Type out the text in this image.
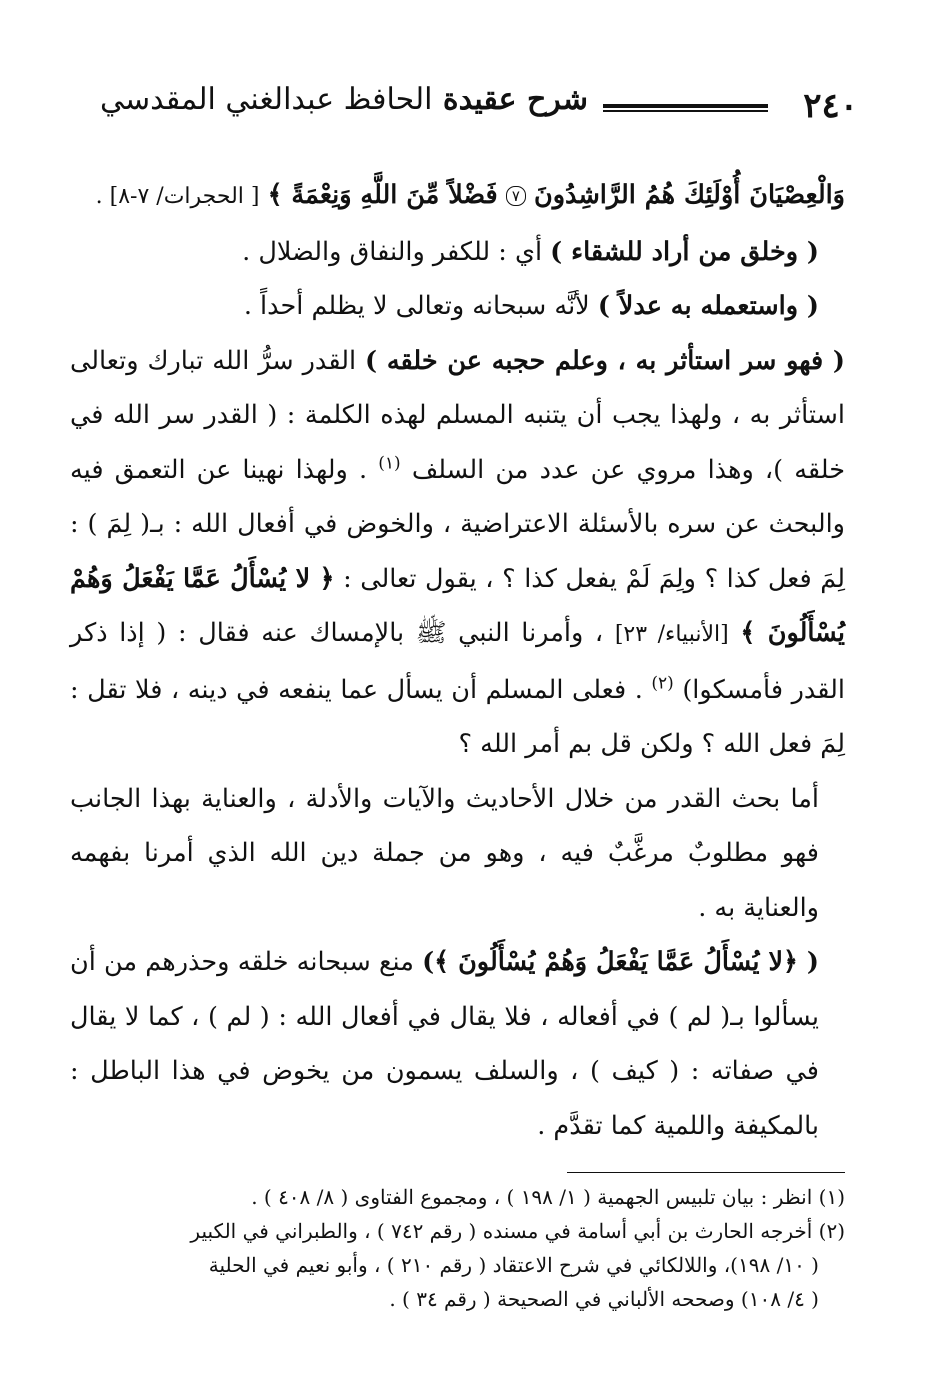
٢٤٠
شرح عقيدة الحافظ عبدالغني المقدسي

وَالْعِصْيَانَ أُوْلَئِكَ هُمُ الرَّاشِدُونَ ٧ فَضْلاً مِّنَ اللَّهِ وَنِعْمَةً ﴾ [ الحجرات/ ٧-٨] .

( وخلق من أراد للشقاء ) أي : للكفر والنفاق والضلال .

( واستعمله به عدلاً ) لأنَّه سبحانه وتعالى لا يظلم أحداً .

( فهو سر استأثر به ، وعلم حجبه عن خلقه ) القدر سرُّ الله تبارك وتعالى استأثر به ، ولهذا يجب أن يتنبه المسلم لهذه الكلمة : ( القدر سر الله في خلقه )، وهذا مروي عن عدد من السلف $^{(١)}$ . ولهذا نهينا عن التعمق فيه والبحث عن سره بالأسئلة الاعتراضية ، والخوض في أفعال الله : بـ( لِمَ ) : لِمَ فعل كذا ؟ ولِمَ لَمْ يفعل كذا ؟ ، يقول تعالى : ﴿ لا يُسْأَلُ عَمَّا يَفْعَلُ وَهُمْ يُسْأَلُونَ ﴾ [الأنبياء/ ٢٣] ، وأمرنا النبي ﷺ بالإمساك عنه فقال : ( إذا ذكر القدر فأمسكوا) $^{(٢)}$ . فعلى المسلم أن يسأل عما ينفعه في دينه ، فلا تقل : لِمَ فعل الله ؟ ولكن قل بم أمر الله ؟

أما بحث القدر من خلال الأحاديث والآيات والأدلة ، والعناية بهذا الجانب فهو مطلوبٌ مرغَّبٌ فيه ، وهو من جملة دين الله الذي أمرنا بفهمه والعناية به .

( ﴿لا يُسْأَلُ عَمَّا يَفْعَلُ وَهُمْ يُسْأَلُونَ ﴾) منع سبحانه خلقه وحذرهم من أن يسألوا بـ( لم ) في أفعاله ، فلا يقال في أفعال الله : ( لم ) ، كما لا يقال في صفاته : ( كيف ) ، والسلف يسمون من يخوض في هذا الباطل : بالمكيفة واللمية كما تقدَّم .

(١) انظر : بيان تلبيس الجهمية ( ١/ ١٩٨ ) ، ومجموع الفتاوى ( ٨/ ٤٠٨ ) .

(٢) أخرجه الحارث بن أبي أسامة في مسنده ( رقم ٧٤٢ ) ، والطبراني في الكبير

( ١٠/ ١٩٨)، واللالكائي في شرح الاعتقاد ( رقم ٢١٠ ) ، وأبو نعيم في الحلية

( ٤/ ١٠٨) وصححه الألباني في الصحيحة ( رقم ٣٤ ) .
